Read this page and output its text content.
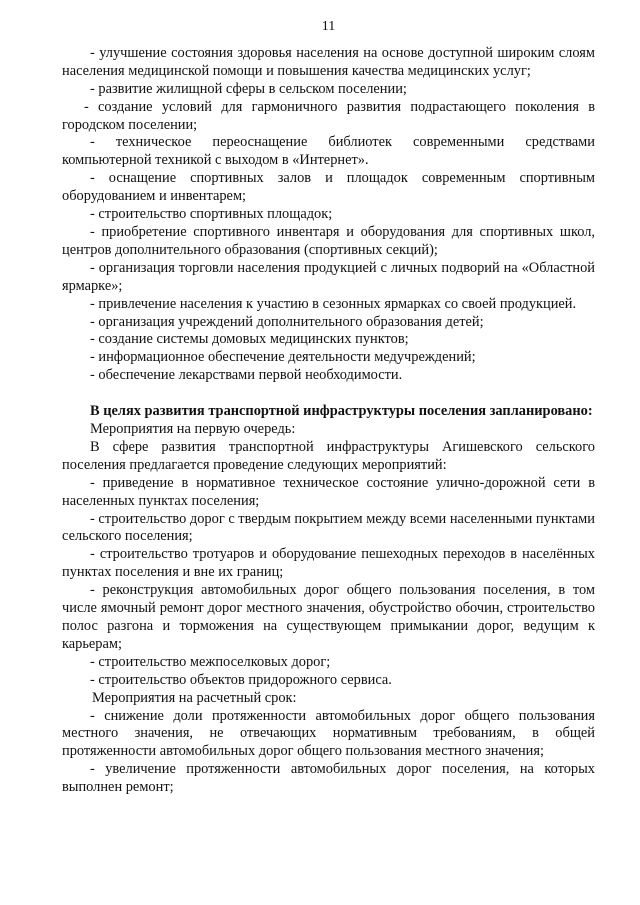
11

- улучшение состояния здоровья населения на основе доступной широким слоям населения медицинской помощи и повышения качества медицинских услуг;

- развитие жилищной сферы в сельском поселении;

- создание условий для гармоничного развития подрастающего поколения в городском поселении;

- техническое переоснащение библиотек современными средствами компьютерной техникой с выходом в «Интернет».

- оснащение спортивных залов и площадок современным спортивным оборудованием и инвентарем;

- строительство спортивных площадок;

- приобретение спортивного инвентаря и оборудования для спортивных школ, центров дополнительного образования (спортивных секций);

- организация торговли населения продукцией с личных подворий на «Областной ярмарке»;

- привлечение населения к участию в сезонных ярмарках со своей продукцией.

- организация учреждений дополнительного образования детей;

- создание системы домовых медицинских пунктов;

- информационное обеспечение деятельности медучреждений;

- обеспечение лекарствами первой необходимости.

В целях развития транспортной инфраструктуры поселения запланировано:

Мероприятия на первую очередь:

В сфере развития транспортной инфраструктуры Агишевского сельского поселения предлагается проведение следующих мероприятий:

- приведение в нормативное техническое состояние улично-дорожной сети в населенных пунктах поселения;

- строительство дорог с твердым покрытием между всеми населенными пунктами сельского поселения;

- строительство тротуаров и оборудование пешеходных переходов в населённых пунктах поселения и вне их границ;

- реконструкция автомобильных дорог общего пользования поселения, в том числе ямочный ремонт дорог местного значения, обустройство обочин, строительство полос разгона и торможения на существующем примыкании дорог, ведущим к карьерам;

- строительство межпоселковых дорог;

- строительство объектов придорожного сервиса.

Мероприятия на расчетный срок:

- снижение доли протяженности автомобильных дорог общего пользования местного значения, не отвечающих нормативным требованиям, в общей протяженности автомобильных дорог общего пользования местного значения;

- увеличение протяженности автомобильных дорог поселения, на которых выполнен ремонт;
